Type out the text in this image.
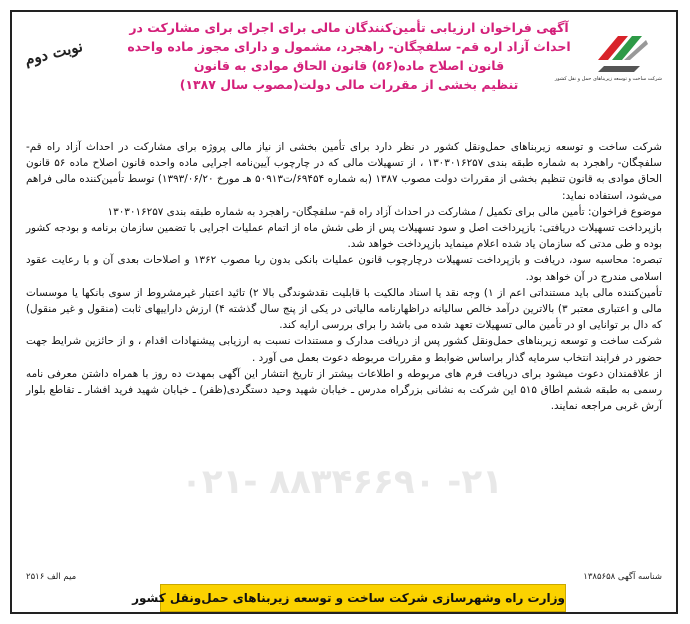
شرکت ساخت و توسعه زیربناهای حمل و نقل کشور
آگهی فراخوان ارزیابی تأمین‌کنندگان مالی برای اجرای برای مشارکت در
احداث آزاد اره قم- سلفچگان- راهجرد، مشمول و دارای مجوز ماده واحده
قانون اصلاح ماده(۵۶) قانون الحاق موادی به قانون
تنظیم بخشی از مقررات مالی دولت(مصوب سال ۱۳۸۷)
نوبت دوم
۰۲۱- ۸۸۳۴۶۶۹۰ -۲۱

شرکت ساخت و توسعه زیربناهای حمل‌ونقل کشور در نظر دارد برای تأمین بخشی از نیاز مالی پروژه برای مشارکت در احداث آزاد راه قم- سلفچگان- راهجرد به شماره طبقه بندی ۱۳۰۳۰۱۶۲۵۷ ، از تسهیلات مالی که در چارچوب آیین‌نامه اجرایی ماده واحده قانون اصلاح ماده ۵۶ قانون الحاق موادی به قانون تنظیم بخشی از مقررات دولت مصوب ۱۳۸۷ (به شماره ۶۹۴۵۴/ت۵۰۹۱۳ هـ مورخ ۱۳۹۳/۰۶/۲۰) توسط تأمین‌کننده مالی فراهم می‌شود، استفاده نماید:

موضوع فراخوان: تأمین مالی برای تکمیل / مشارکت در احداث آزاد راه قم- سلفچگان- راهجرد به شماره طبقه بندی ۱۳۰۳۰۱۶۲۵۷

بازپرداخت تسهیلات دریافتی: بازپرداخت اصل و سود تسهیلات پس از طی شش ماه از اتمام عملیات اجرایی با تضمین سازمان برنامه و بودجه کشور بوده و طی مدتی که سازمان یاد شده اعلام مینماید بازپرداخت خواهد شد.

تبصره: محاسبه سود، دریافت و بازپرداخت تسهیلات درچارچوب قانون عملیات بانکی بدون ربا مصوب ۱۳۶۲ و اصلاحات بعدی آن و با رعایت عقود اسلامی مندرج در آن خواهد بود.

تأمین‌کننده مالی باید مستنداتی اعم از ۱) وجه نقد یا اسناد مالکیت با قابلیت نقدشوندگی بالا ۲) تائید اعتبار غیرمشروط از سوی بانکها یا موسسات مالی و اعتباری معتبر ۳) بالاترین درآمد خالص سالیانه دراظهارنامه مالیاتی در یکی از پنج سال گذشته ۴) ارزش داراییهای ثابت (منقول و غیر منقول) که دال بر توانایی او در تأمین مالی تسهیلات تعهد شده می باشد را برای بررسی ارایه کند.

شرکت ساخت و توسعه زیربناهای حمل‌ونقل کشور پس از دریافت مدارک و مستندات نسبت به ارزیابی پیشنهادات اقدام ، و از حائزین شرایط جهت حضور در فرایند انتخاب سرمایه گذار براساس ضوابط و مقررات مربوطه دعوت بعمل می آورد .

از علاقمندان دعوت میشود برای دریافت فرم های مربوطه و اطلاعات بیشتر از تاریخ انتشار این آگهی بمهدت ده روز با همراه داشتن معرفی نامه رسمی به طبقه ششم اطاق ۵۱۵ این شرکت به نشانی بزرگراه مدرس ـ خیابان شهید وحید دستگردی(ظفر) ـ خیابان شهید فرید افشار ـ تقاطع بلوار آرش غربی مراجعه نمایند.

شناسه آگهی ۱۳۸۵۶۵۸
میم الف ۲۵۱۶
وزارت راه وشهرسازی شرکت ساخت و توسعه زیربناهای حمل‌ونقل کشور
